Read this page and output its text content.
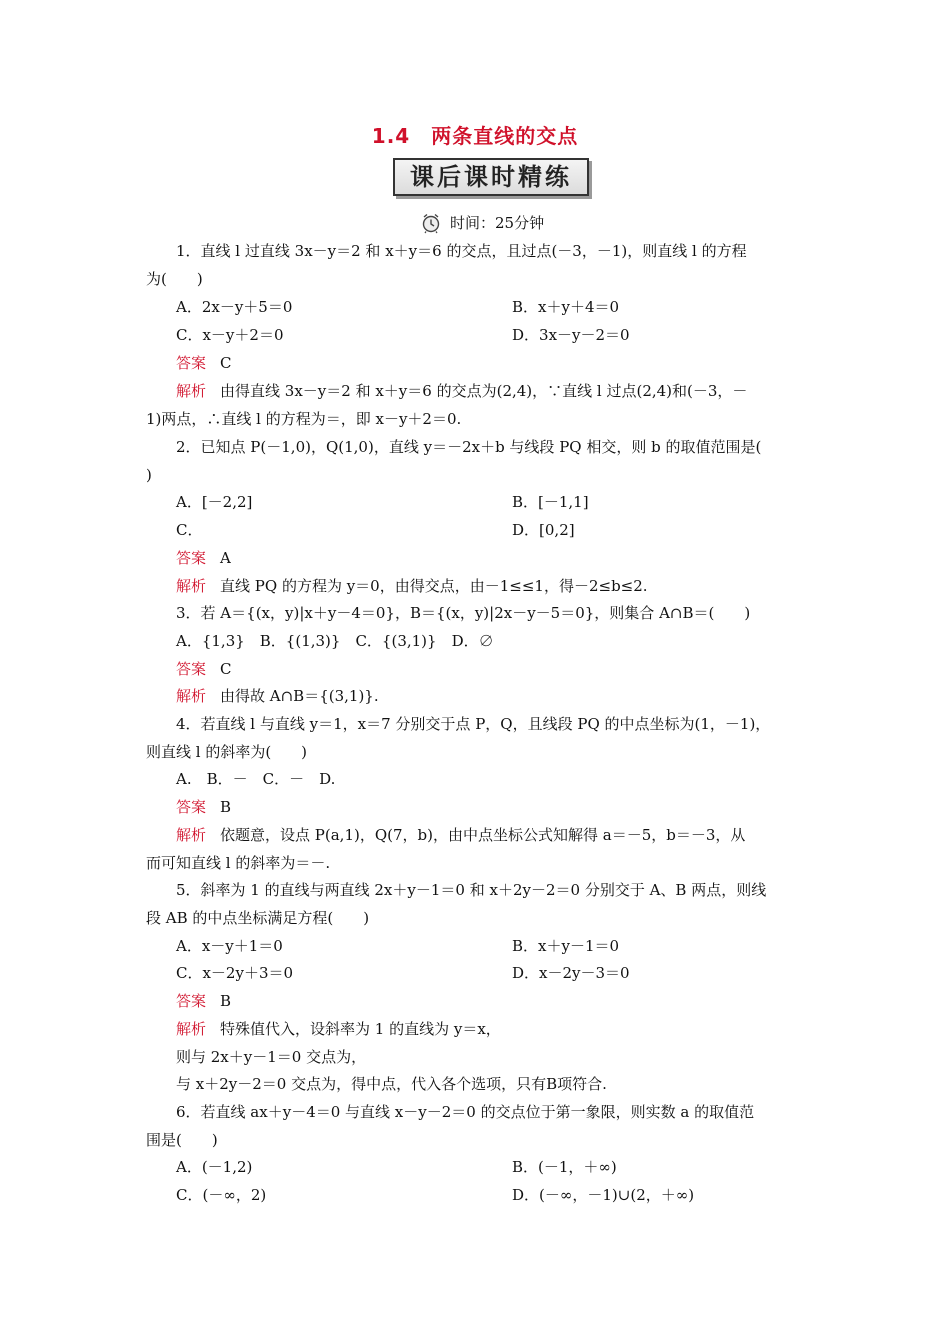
1.4　两条直线的交点
课后课时精练
时间：25分钟
1．直线 l 过直线 3x－y＝2 和 x＋y＝6 的交点，且过点(－3，－1)，则直线 l 的方程
为(　　)
A．2x－y＋5＝0	B．x＋y＋4＝0
C．x－y＋2＝0	D．3x－y－2＝0
答案 C
解析 由得直线 3x－y＝2 和 x＋y＝6 的交点为(2,4)，∵直线 l 过点(2,4)和(－3，－
1)两点，∴直线 l 的方程为＝，即 x－y＋2＝0.
2．已知点 P(－1,0)，Q(1,0)，直线 y＝－2x＋b 与线段 PQ 相交，则 b 的取值范围是(
)
A．[－2,2]	B．[－1,1]
C．	D．[0,2]
答案 A
解析 直线 PQ 的方程为 y＝0，由得交点，由－1≤≤1，得－2≤b≤2.
3．若 A＝{(x，y)|x＋y－4＝0}，B＝{(x，y)|2x－y－5＝0}，则集合 A∩B＝(　　)
A．{1,3}　B．{(1,3)}　C．{(3,1)}　D．∅
答案 C
解析 由得故 A∩B＝{(3,1)}.
4．若直线 l 与直线 y＝1，x＝7 分别交于点 P，Q，且线段 PQ 的中点坐标为(1，－1)，
则直线 l 的斜率为(　　)
A.　B．－　C．－　D.
答案 B
解析 依题意，设点 P(a,1)，Q(7，b)，由中点坐标公式知解得 a＝－5，b＝－3，从
而可知直线 l 的斜率为＝－.
5．斜率为 1 的直线与两直线 2x＋y－1＝0 和 x＋2y－2＝0 分别交于 A、B 两点，则线
段 AB 的中点坐标满足方程(　　)
A．x－y＋1＝0	B．x＋y－1＝0
C．x－2y＋3＝0	D．x－2y－3＝0
答案 B
解析 特殊值代入，设斜率为 1 的直线为 y＝x，
则与 2x＋y－1＝0 交点为，
与 x＋2y－2＝0 交点为，得中点，代入各个选项，只有B项符合.
6．若直线 ax＋y－4＝0 与直线 x－y－2＝0 的交点位于第一象限，则实数 a 的取值范
围是(　　)
A．(－1,2)	B．(－1，＋∞)
C．(－∞，2)	D．(－∞，－1)∪(2，＋∞)
